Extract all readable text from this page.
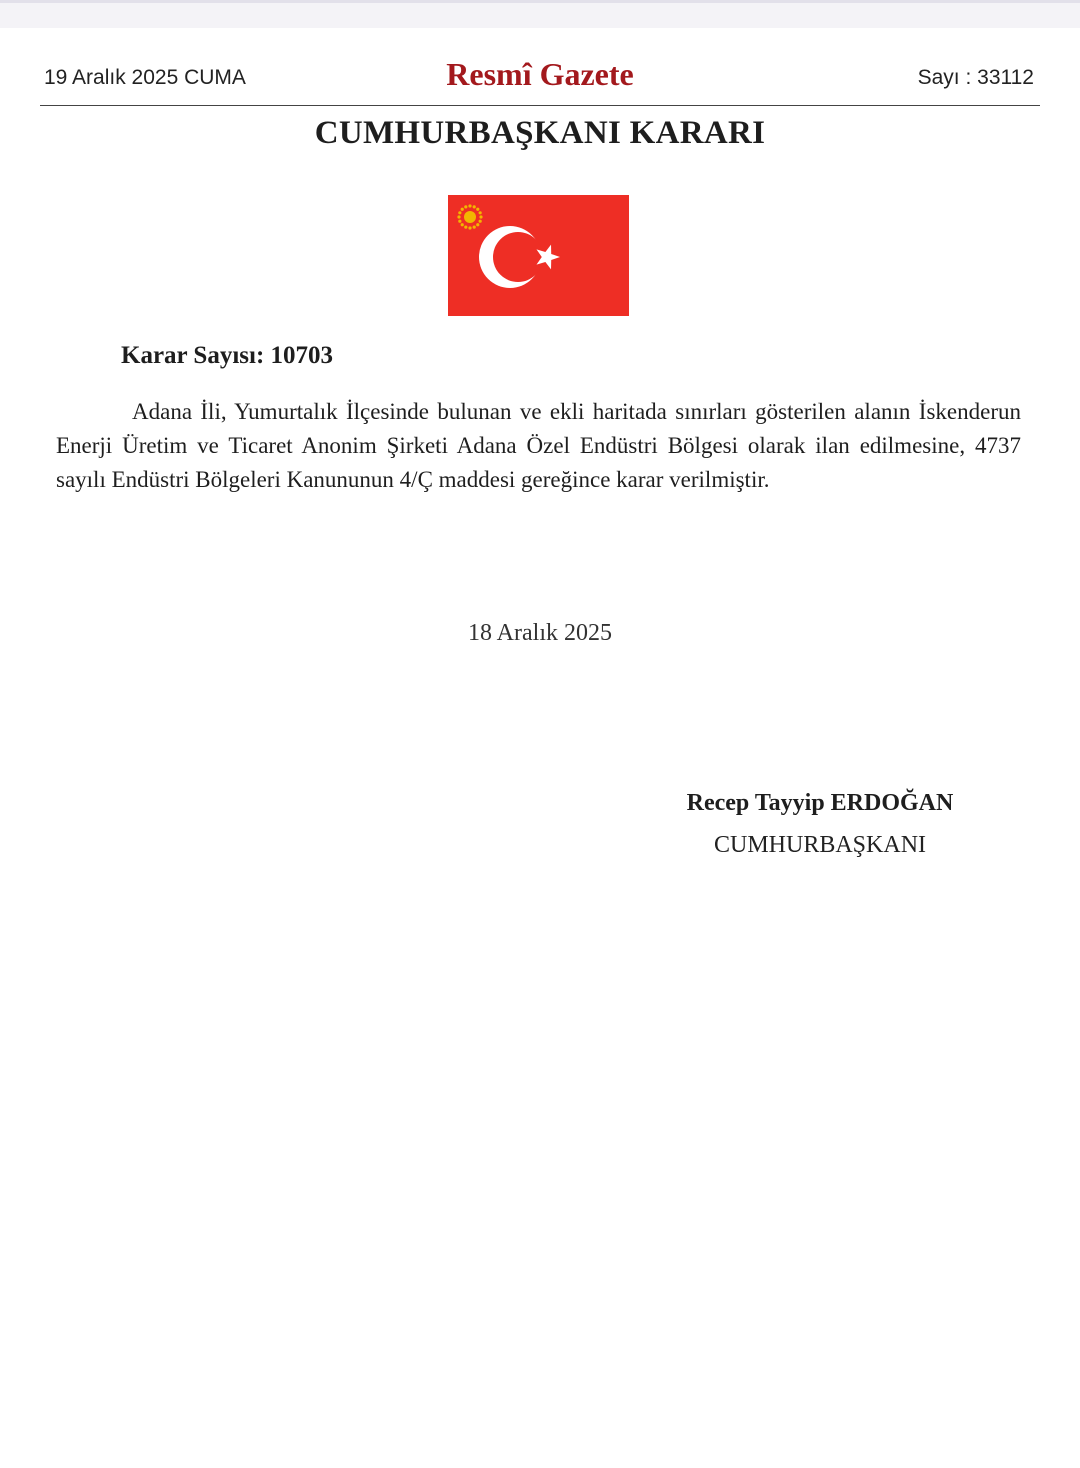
19 Aralık 2025 CUMA	Resmî Gazete	Sayı : 33112
CUMHURBAŞKANI KARARI
Karar Sayısı: 10703

Adana İli, Yumurtalık İlçesinde bulunan ve ekli haritada sınırları gösterilen alanın İskenderun Enerji Üretim ve Ticaret Anonim Şirketi Adana Özel Endüstri Bölgesi olarak ilan edilmesine, 4737 sayılı Endüstri Bölgeleri Kanununun 4/Ç maddesi gereğince karar verilmiştir.

18 Aralık 2025
Recep Tayyip ERDOĞAN
CUMHURBAŞKANI
